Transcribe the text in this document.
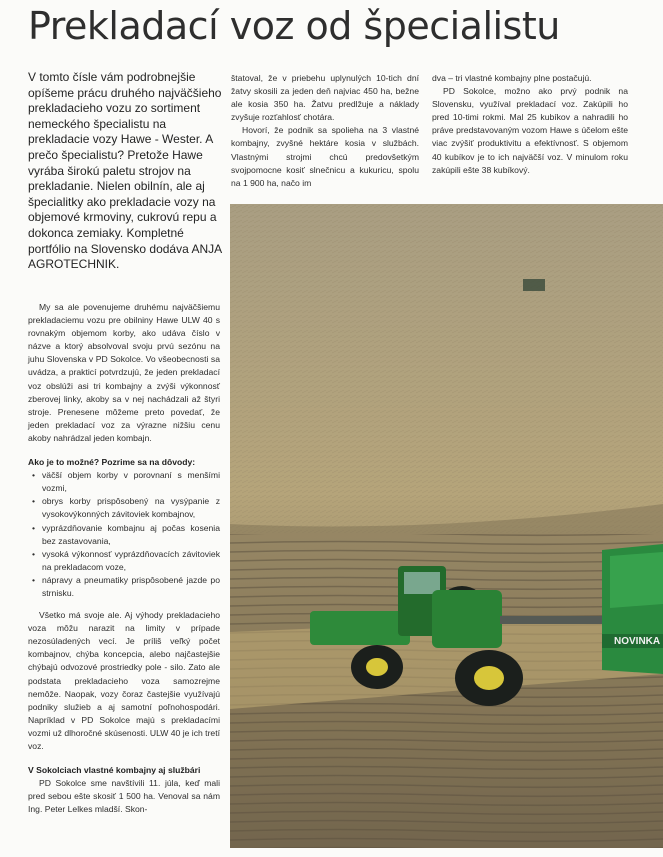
Prekladací voz od špecialistu

V tomto čísle vám podrobnejšie opíšeme prácu druhého najväčšieho prekladacieho vozu zo sortiment nemeckého špecialistu na prekladacie vozy Hawe - Wester. A prečo špecialistu? Pretože Hawe vyrába širokú paletu strojov na prekladanie. Nielen obilnín, ale aj špecialitky ako prekladacie vozy na objemové krmoviny, cukrovú repu a dokonca zemiaky. Kompletné portfólio na Slovensko dodáva ANJA AGROTECHNIK.

My sa ale povenujeme druhému najväčšiemu prekladaciemu vozu pre obilniny Hawe ULW 40 s rovnakým objemom korby, ako udáva číslo v názve a ktorý absolvoval svoju prvú sezónu na juhu Slovenska v PD Sokolce. Vo všeobecnosti sa uvádza, a prakticí potvrdzujú, že jeden prekladací voz obslúži asi tri kombajny a zvýši výkonnosť zberovej linky, akoby sa v nej nachádzali až štyri stroje. Prenesene môžeme preto povedať, že jeden prekladací voz za výrazne nižšiu cenu akoby nahrádzal jeden kombajn.

Ako je to možné? Pozrime sa na dôvody:

• väčší objem korby v porovnaní s menšími vozmi,
• obrys korby prispôsobený na vysýpanie z vysokovýkonných závitoviek kombajnov,
• vyprázdňovanie kombajnu aj počas kosenia bez zastavovania,
• vysoká výkonnosť vyprázdňovacích závitoviek na prekladacom voze,
• nápravy a pneumatiky prispôsobené jazde po strnisku.

Všetko má svoje ale. Aj výhody prekladacieho voza môžu narazit na limity v prípade nezosúladených vecí. Je príliš veľký počet kombajnov, chýba koncepcia, alebo najčastejšie chýbajú odvozové prostriedky pole - silo. Zato ale podstata prekladacieho voza samozrejme nemôže. Naopak, vozy čoraz častejšie využívajú podniky služieb a aj samotní poľnohospodári. Napríklad v PD Sokolce majú s prekladacími vozmi už dlhoročné skúsenosti. ULW 40 je ich tretí voz.

V Sokolciach vlastné kombajny aj službári

PD Sokolce sme navštívili 11. júla, keď mali pred sebou ešte skosiť 1 500 ha. Venoval sa nám Ing. Peter Lelkes mladší. Skon-

štatoval, že v priebehu uplynulých 10-tich dní žatvy skosili za jeden deň najviac 450 ha, bežne ale kosia 350 ha. Žatvu predlžuje a náklady zvyšuje rozťahlosť chotára.

Hovorí, že podnik sa spolieha na 3 vlastné kombajny, zvyšné hektáre kosia v službách. Vlastnými strojmi chcú predovšetkým svojpomocne kosiť slnečnicu a kukuricu, spolu na 1 900 ha, načo im

dva – tri vlastné kombajny plne postačujú.

PD Sokolce, možno ako prvý podnik na Slovensku, využíval prekladací voz. Zakúpili ho pred 10-timi rokmi. Mal 25 kubíkov a nahradili ho práve predstavovaným vozom Hawe s účelom ešte viac zvýšiť produktivitu a efektívnosť. S objemom 40 kubíkov je to ich najväčší voz. V minulom roku zakúpili ešte 38 kubíkový.

NOVINKA
